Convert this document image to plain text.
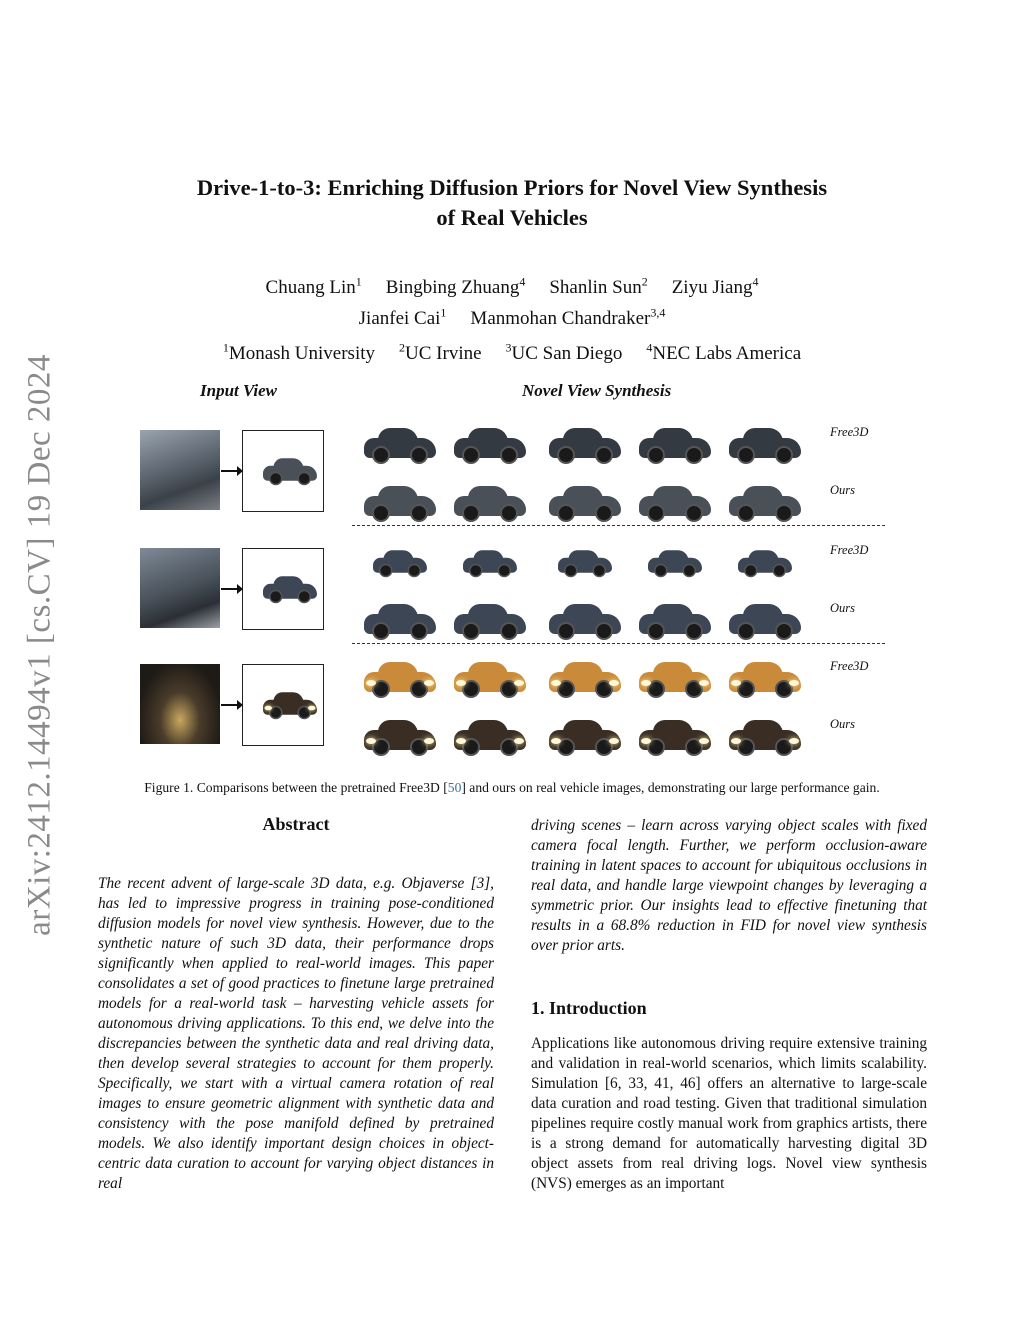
arXiv:2412.14494v1 [cs.CV] 19 Dec 2024
Drive-1-to-3: Enriching Diffusion Priors for Novel View Synthesis
of Real Vehicles
Chuang Lin$^1$ Bingbing Zhuang$^4$ Shanlin Sun$^2$ Ziyu Jiang$^4$
Jianfei Cai$^1$ Manmohan Chandraker$^{3,4}$
$^1$Monash University $^2$UC Irvine $^3$UC San Diego $^4$NEC Labs America
Input View	Novel View Synthesis
Free3D
Ours
Free3D
Ours
Free3D
Ours
Figure 1. Comparisons between the pretrained Free3D [50] and ours on real vehicle images, demonstrating our large performance gain.
Abstract
The recent advent of large-scale 3D data, e.g. Objaverse [3], has led to impressive progress in training pose-conditioned diffusion models for novel view synthesis. However, due to the synthetic nature of such 3D data, their performance drops significantly when applied to real-world images. This paper consolidates a set of good practices to finetune large pretrained models for a real-world task – harvesting vehicle assets for autonomous driving applications. To this end, we delve into the discrepancies between the synthetic data and real driving data, then develop several strategies to account for them properly. Specifically, we start with a virtual camera rotation of real images to ensure geometric alignment with synthetic data and consistency with the pose manifold defined by pretrained models. We also identify important design choices in object-centric data curation to account for varying object distances in real
driving scenes – learn across varying object scales with fixed camera focal length. Further, we perform occlusion-aware training in latent spaces to account for ubiquitous occlusions in real data, and handle large viewpoint changes by leveraging a symmetric prior. Our insights lead to effective finetuning that results in a 68.8% reduction in FID for novel view synthesis over prior arts.
1. Introduction
Applications like autonomous driving require extensive training and validation in real-world scenarios, which limits scalability. Simulation [6, 33, 41, 46] offers an alternative to large-scale data curation and road testing. Given that traditional simulation pipelines require costly manual work from graphics artists, there is a strong demand for automatically harvesting digital 3D object assets from real driving logs. Novel view synthesis (NVS) emerges as an important
